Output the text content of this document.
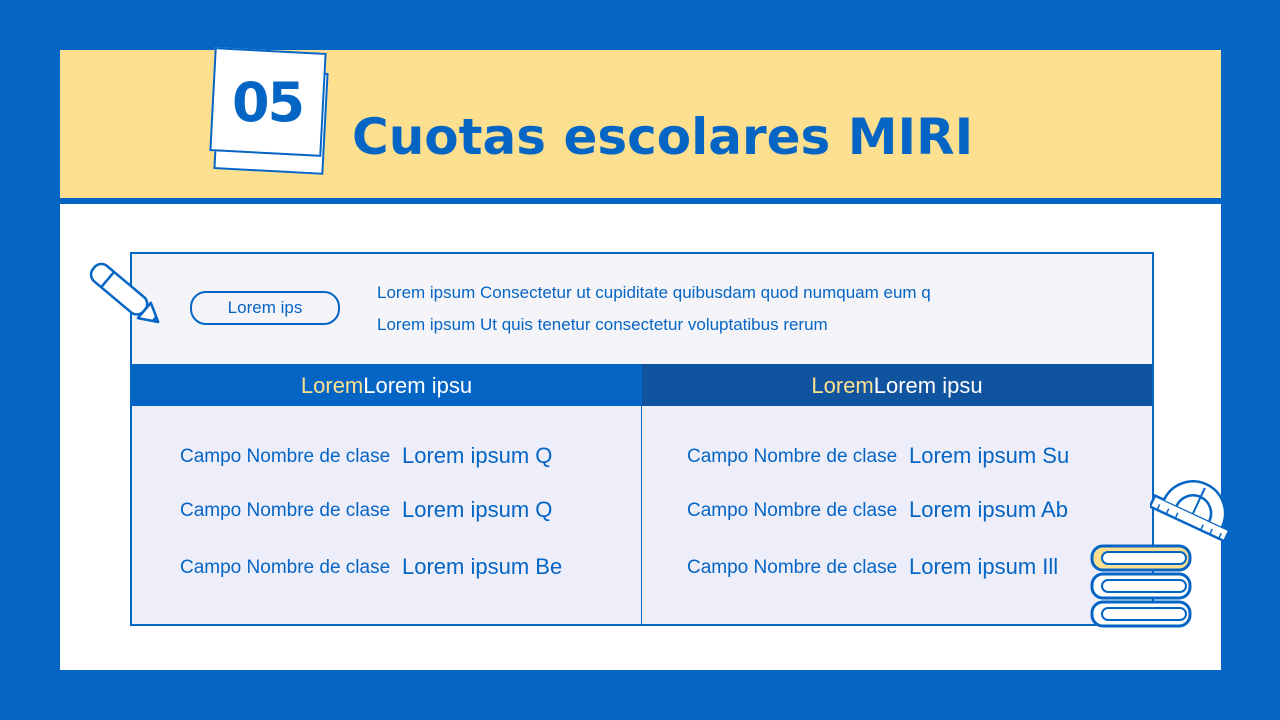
05
Cuotas escolares MIRI
Lorem ips
Lorem ipsum Consectetur ut cupiditate quibusdam quod numquam eum q
Lorem ipsum Ut quis tenetur consectetur voluptatibus rerum
LoremLorem ipsu	LoremLorem ipsu
Campo Nombre de clase Lorem ipsum Q
Campo Nombre de clase Lorem ipsum Q
Campo Nombre de clase Lorem ipsum Be
Campo Nombre de clase Lorem ipsum Su
Campo Nombre de clase Lorem ipsum Ab
Campo Nombre de clase Lorem ipsum Ill
